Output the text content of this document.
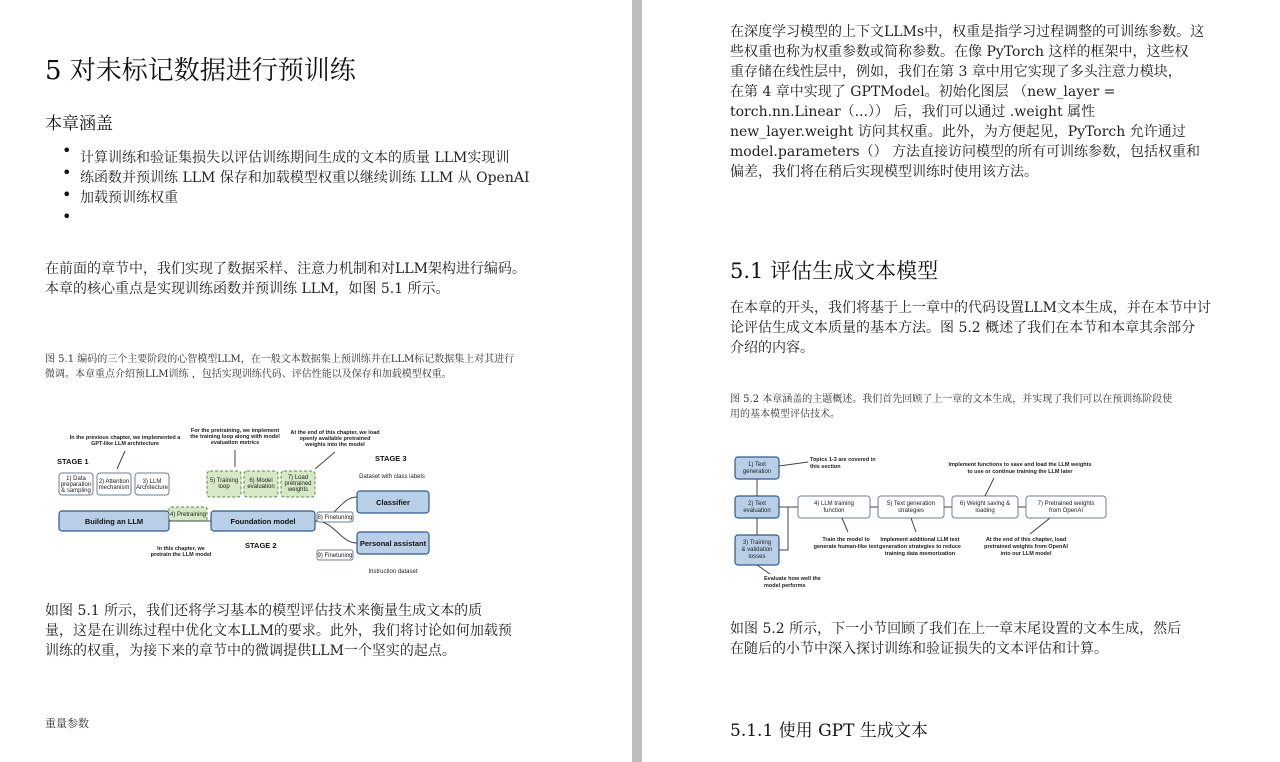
5 对未标记数据进行预训练
本章涵盖
•
•
•
•
计算训练和验证集损失以评估训练期间生成的文本的质量 LLM实现训
练函数并预训练 LLM 保存和加载模型权重以继续训练 LLM 从 OpenAI
加载预训练权重
在前面的章节中，我们实现了数据采样、注意力机制和对LLM架构进行编码。
本章的核心重点是实现训练函数并预训练 LLM，如图 5.1 所示。
图 5.1 编码的三个主要阶段的心智模型LLM，在一般文本数据集上预训练并在LLM标记数据集上对其进行
微调。本章重点介绍预LLM训练 ，包括实现训练代码、评估性能以及保存和加载模型权重。
In the previous chapter, we implemented a GPT-like LLM architecture
For the pretraining, we implement the training loop along with model evaluation metrics
At the end of this chapter, we load openly available pretrained weights into the model
STAGE 1	STAGE 3
STAGE 2
1) Data preparation & sampling
2) Attention mechanism
3) LLM Architecture
Building an LLM
4) Pretraining
5) Training loop
6) Model evaluation
7) Load pretrained weights
Foundation model	8) Finetuning
9) Finetuning
Dataset with class labels
Classifier
Personal assistant
Instruction dataset
In this chapter, we pretrain the LLM model
如图 5.1 所示，我们还将学习基本的模型评估技术来衡量生成文本的质
量，这是在训练过程中优化文本LLM的要求。此外，我们将讨论如何加载预
训练的权重，为接下来的章节中的微调提供LLM一个坚实的起点。
重量参数
在深度学习模型的上下文LLMs中，权重是指学习过程调整的可训练参数。这
些权重也称为权重参数或简称参数。在像 PyTorch 这样的框架中，这些权
重存储在线性层中，例如，我们在第 3 章中用它实现了多头注意力模块，
在第 4 章中实现了 GPTModel。初始化图层 （new_layer =
torch.nn.Linear（...）） 后，我们可以通过 .weight 属性
new_layer.weight 访问其权重。此外，为方便起见，PyTorch 允许通过
model.parameters（） 方法直接访问模型的所有可训练参数，包括权重和
偏差，我们将在稍后实现模型训练时使用该方法。
5.1 评估生成文本模型
在本章的开头，我们将基于上一章中的代码设置LLM文本生成，并在本节中讨
论评估生成文本质量的基本方法。图 5.2 概述了我们在本节和本章其余部分
介绍的内容。
图 5.2 本章涵盖的主题概述。我们首先回顾了上一章的文本生成，并实现了我们可以在预训练阶段使
用的基本模型评估技术。
1) Text generation
2) Text evaluation
3) Training & validation losses
4) LLM training function
5) Text generation strategies
6) Weight saving & loading
7) Pretrained weights from OpenAI
Topics 1-3 are covered in this section	Implement functions to save and load the LLM weights to use or continue training the LLM later
Train the model to generate human-like text
Implement additional LLM text generation strategies to reduce training data memorization
At the end of this chapter, load pretrained weights from OpenAI into our LLM model
Evaluate how well the model performs
如图 5.2 所示，下一小节回顾了我们在上一章末尾设置的文本生成，然后
在随后的小节中深入探讨训练和验证损失的文本评估和计算。
5.1.1 使用 GPT 生成文本
